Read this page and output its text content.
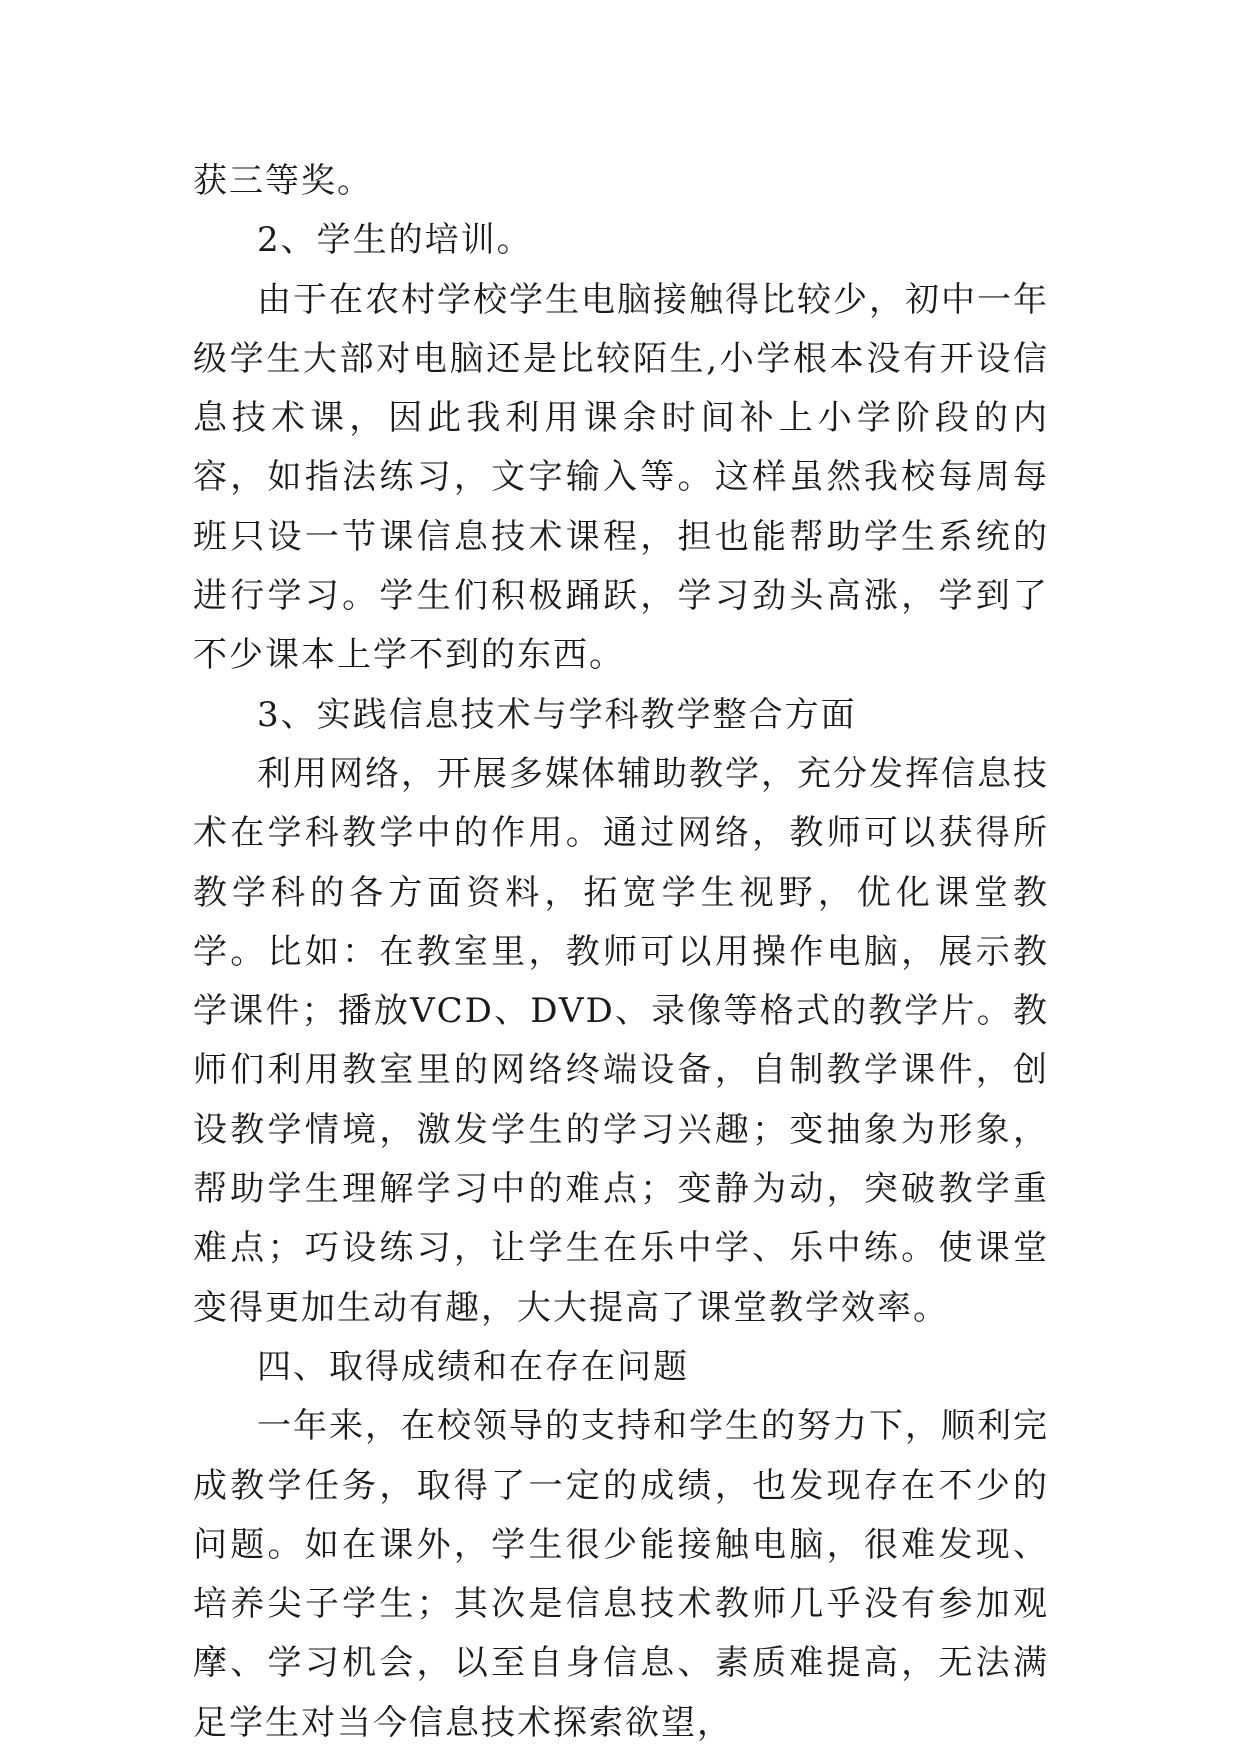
获三等奖。

2、学生的培训。

由于在农村学校学生电脑接触得比较少，初中一年级学生大部对电脑还是比较陌生,小学根本没有开设信息技术课，因此我利用课余时间补上小学阶段的内容，如指法练习，文字输入等。这样虽然我校每周每班只设一节课信息技术课程，担也能帮助学生系统的进行学习。学生们积极踊跃，学习劲头高涨，学到了不少课本上学不到的东西。

3、实践信息技术与学科教学整合方面

利用网络，开展多媒体辅助教学，充分发挥信息技术在学科教学中的作用。通过网络，教师可以获得所教学科的各方面资料，拓宽学生视野，优化课堂教学。比如：在教室里，教师可以用操作电脑，展示教学课件；播放VCD、DVD、录像等格式的教学片。教师们利用教室里的网络终端设备，自制教学课件，创设教学情境，激发学生的学习兴趣；变抽象为形象，帮助学生理解学习中的难点；变静为动，突破教学重难点；巧设练习，让学生在乐中学、乐中练。使课堂变得更加生动有趣，大大提高了课堂教学效率。

四、取得成绩和在存在问题

一年来，在校领导的支持和学生的努力下，顺利完成教学任务，取得了一定的成绩，也发现存在不少的问题。如在课外，学生很少能接触电脑，很难发现、培养尖子学生；其次是信息技术教师几乎没有参加观摩、学习机会，以至自身信息、素质难提高，无法满足学生对当今信息技术探索欲望，
